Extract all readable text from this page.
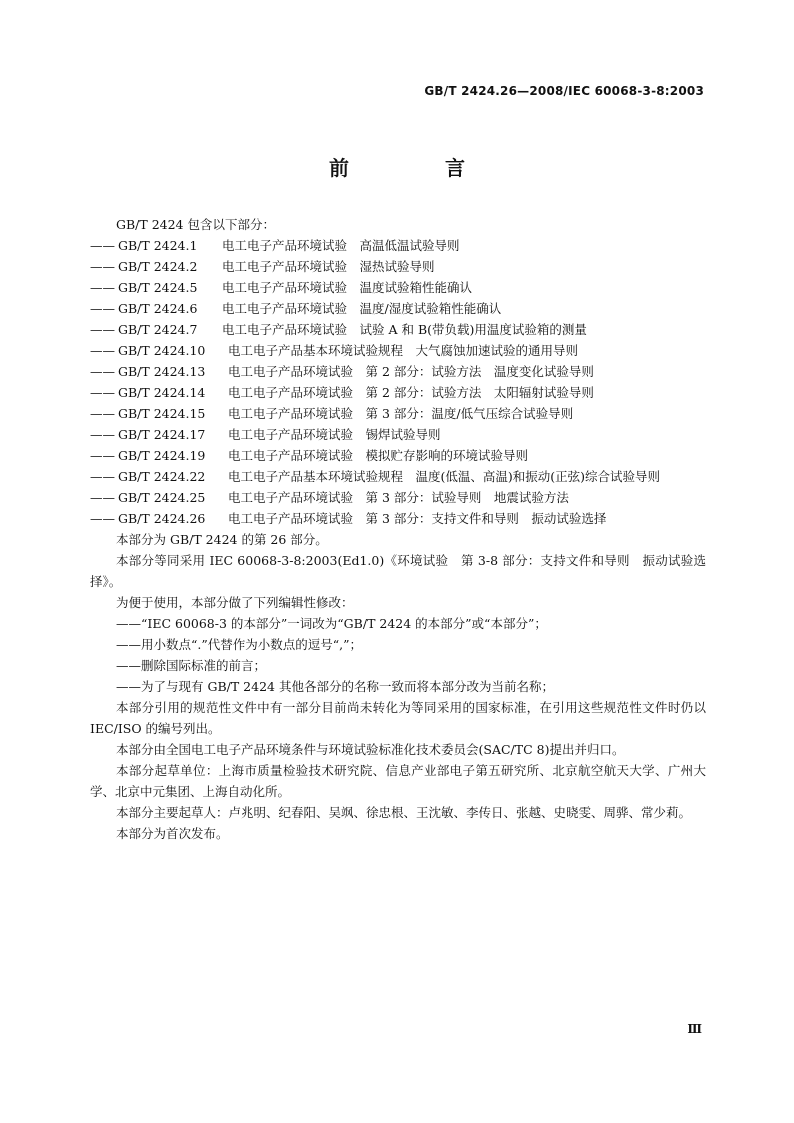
GB/T 2424.26—2008/IEC 60068-3-8:2003
前　言
GB/T 2424 包含以下部分：
—— GB/T 2424.1	电工电子产品环境试验　高温低温试验导则
—— GB/T 2424.2	电工电子产品环境试验　湿热试验导则
—— GB/T 2424.5	电工电子产品环境试验　温度试验箱性能确认
—— GB/T 2424.6	电工电子产品环境试验　温度/湿度试验箱性能确认
—— GB/T 2424.7	电工电子产品环境试验　试验 A 和 B(带负载)用温度试验箱的测量
—— GB/T 2424.10	电工电子产品基本环境试验规程　大气腐蚀加速试验的通用导则
—— GB/T 2424.13	电工电子产品环境试验　第 2 部分：试验方法　温度变化试验导则
—— GB/T 2424.14	电工电子产品环境试验　第 2 部分：试验方法　太阳辐射试验导则
—— GB/T 2424.15	电工电子产品环境试验　第 3 部分：温度/低气压综合试验导则
—— GB/T 2424.17	电工电子产品环境试验　锡焊试验导则
—— GB/T 2424.19	电工电子产品环境试验　模拟贮存影响的环境试验导则
—— GB/T 2424.22	电工电子产品基本环境试验规程　温度(低温、高温)和振动(正弦)综合试验导则
—— GB/T 2424.25	电工电子产品环境试验　第 3 部分：试验导则　地震试验方法
—— GB/T 2424.26	电工电子产品环境试验　第 3 部分：支持文件和导则　振动试验选择
本部分为 GB/T 2424 的第 26 部分。
本部分等同采用 IEC 60068-3-8:2003(Ed1.0)《环境试验　第 3-8 部分：支持文件和导则　振动试验选择》。
为便于使用，本部分做了下列编辑性修改：
——“IEC 60068-3 的本部分”一词改为“GB/T 2424 的本部分”或“本部分”；
——用小数点“.”代替作为小数点的逗号“,”；
——删除国际标准的前言；
——为了与现有 GB/T 2424 其他各部分的名称一致而将本部分改为当前名称；
本部分引用的规范性文件中有一部分目前尚未转化为等同采用的国家标准，在引用这些规范性文件时仍以 IEC/ISO 的编号列出。
本部分由全国电工电子产品环境条件与环境试验标准化技术委员会(SAC/TC 8)提出并归口。
本部分起草单位：上海市质量检验技术研究院、信息产业部电子第五研究所、北京航空航天大学、广州大学、北京中元集团、上海自动化所。
本部分主要起草人：卢兆明、纪春阳、吴飒、徐忠根、王沈敏、李传日、张越、史晓雯、周骅、常少莉。
本部分为首次发布。
Ⅲ
